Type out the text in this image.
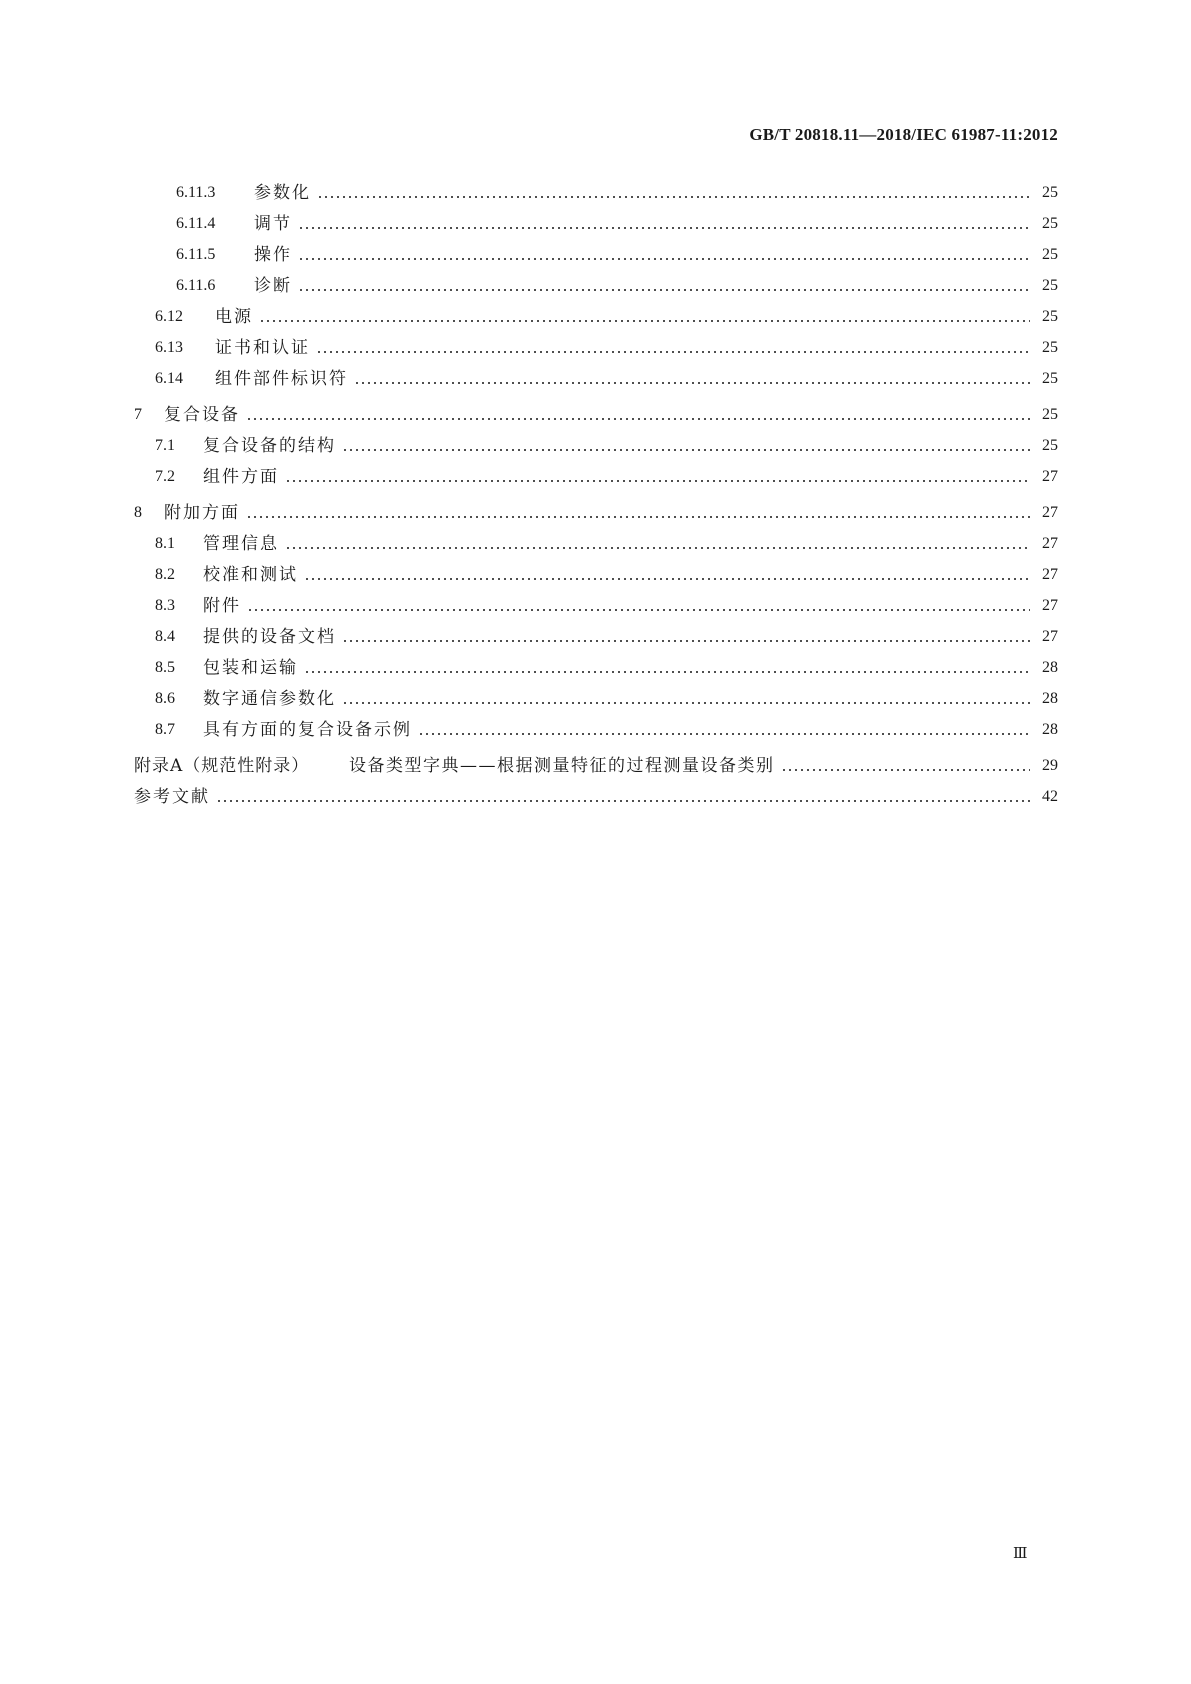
GB/T 20818.11—2018/IEC 61987-11:2012
6.11.3	参数化	25
6.11.4	调节	25
6.11.5	操作	25
6.11.6	诊断	25
6.12	电源	25
6.13	证书和认证	25
6.14	组件部件标识符	25
7	复合设备	25
7.1	复合设备的结构	25
7.2	组件方面	27
8	附加方面	27
8.1	管理信息	27
8.2	校准和测试	27
8.3	附件	27
8.4	提供的设备文档	27
8.5	包装和运输	28
8.6	数字通信参数化	28
8.7	具有方面的复合设备示例	28
附录A（规范性附录）	设备类型字典——根据测量特征的过程测量设备类别	29
参考文献	42
Ⅲ
